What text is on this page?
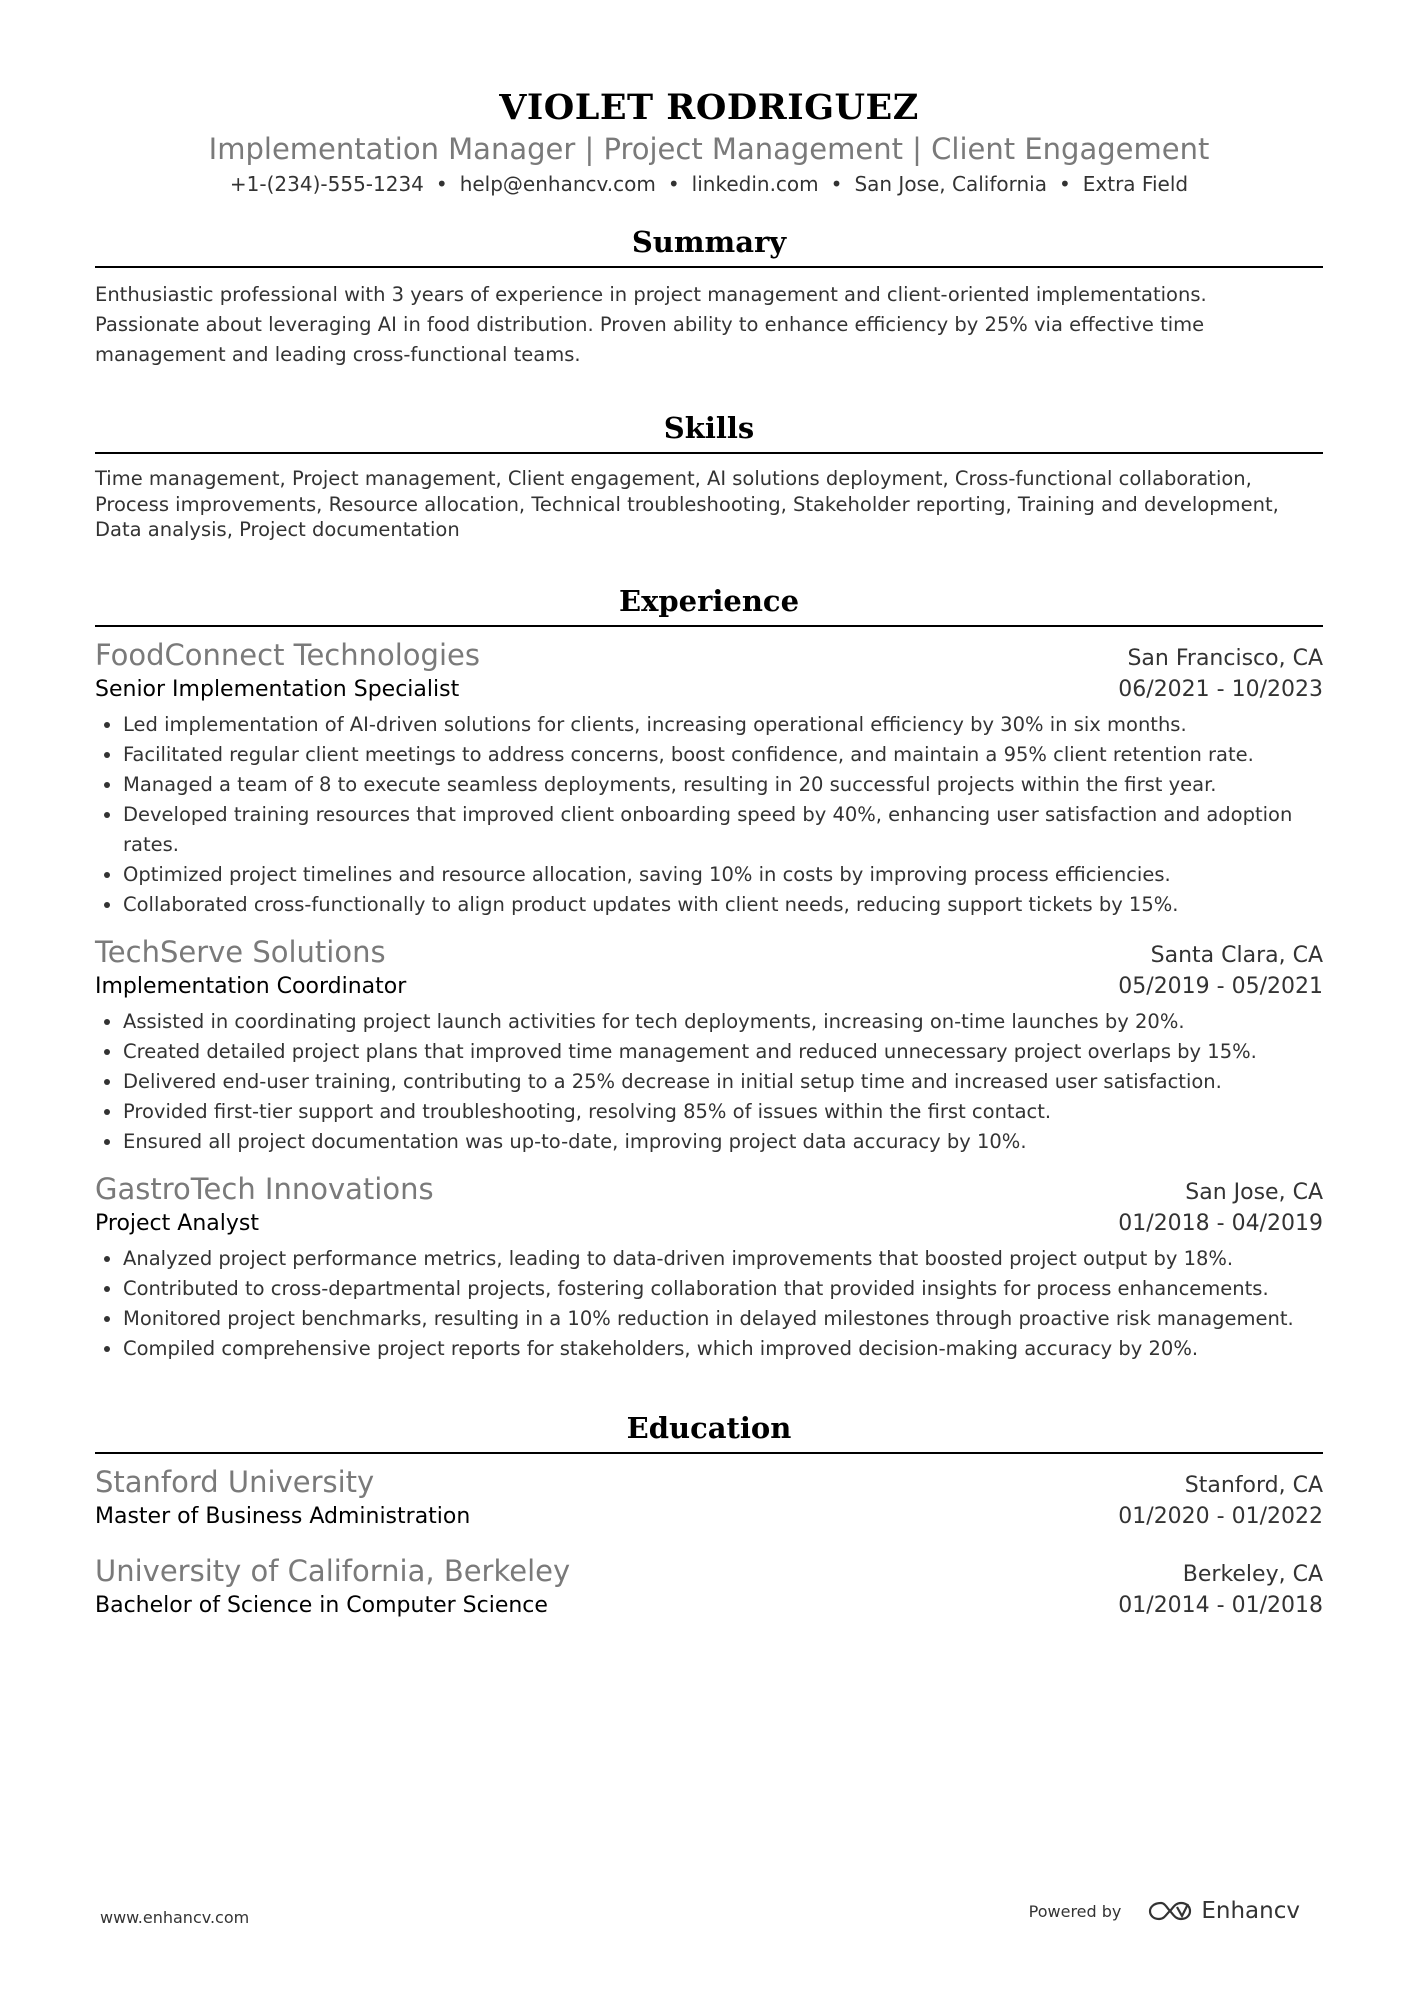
VIOLET RODRIGUEZ
Implementation Manager | Project Management | Client Engagement
+1-(234)-555-1234 • help@enhancv.com • linkedin.com • San Jose, California • Extra Field
Summary
Enthusiastic professional with 3 years of experience in project management and client-oriented implementations.
Passionate about leveraging AI in food distribution. Proven ability to enhance efficiency by 25% via effective time
management and leading cross-functional teams.
Skills
Time management, Project management, Client engagement, AI solutions deployment, Cross-functional collaboration,
Process improvements, Resource allocation, Technical troubleshooting, Stakeholder reporting, Training and development,
Data analysis, Project documentation
Experience
FoodConnect Technologies	San Francisco, CA
Senior Implementation Specialist	06/2021 - 10/2023
• Led implementation of AI-driven solutions for clients, increasing operational efficiency by 30% in six months.
• Facilitated regular client meetings to address concerns, boost confidence, and maintain a 95% client retention rate.
• Managed a team of 8 to execute seamless deployments, resulting in 20 successful projects within the first year.
• Developed training resources that improved client onboarding speed by 40%, enhancing user satisfaction and adoption rates.
• Optimized project timelines and resource allocation, saving 10% in costs by improving process efficiencies.
• Collaborated cross-functionally to align product updates with client needs, reducing support tickets by 15%.
TechServe Solutions	Santa Clara, CA
Implementation Coordinator	05/2019 - 05/2021
• Assisted in coordinating project launch activities for tech deployments, increasing on-time launches by 20%.
• Created detailed project plans that improved time management and reduced unnecessary project overlaps by 15%.
• Delivered end-user training, contributing to a 25% decrease in initial setup time and increased user satisfaction.
• Provided first-tier support and troubleshooting, resolving 85% of issues within the first contact.
• Ensured all project documentation was up-to-date, improving project data accuracy by 10%.
GastroTech Innovations	San Jose, CA
Project Analyst	01/2018 - 04/2019
• Analyzed project performance metrics, leading to data-driven improvements that boosted project output by 18%.
• Contributed to cross-departmental projects, fostering collaboration that provided insights for process enhancements.
• Monitored project benchmarks, resulting in a 10% reduction in delayed milestones through proactive risk management.
• Compiled comprehensive project reports for stakeholders, which improved decision-making accuracy by 20%.
Education
Stanford University	Stanford, CA
Master of Business Administration	01/2020 - 01/2022
University of California, Berkeley	Berkeley, CA
Bachelor of Science in Computer Science	01/2014 - 01/2018
www.enhancv.com	Powered by	Enhancv
